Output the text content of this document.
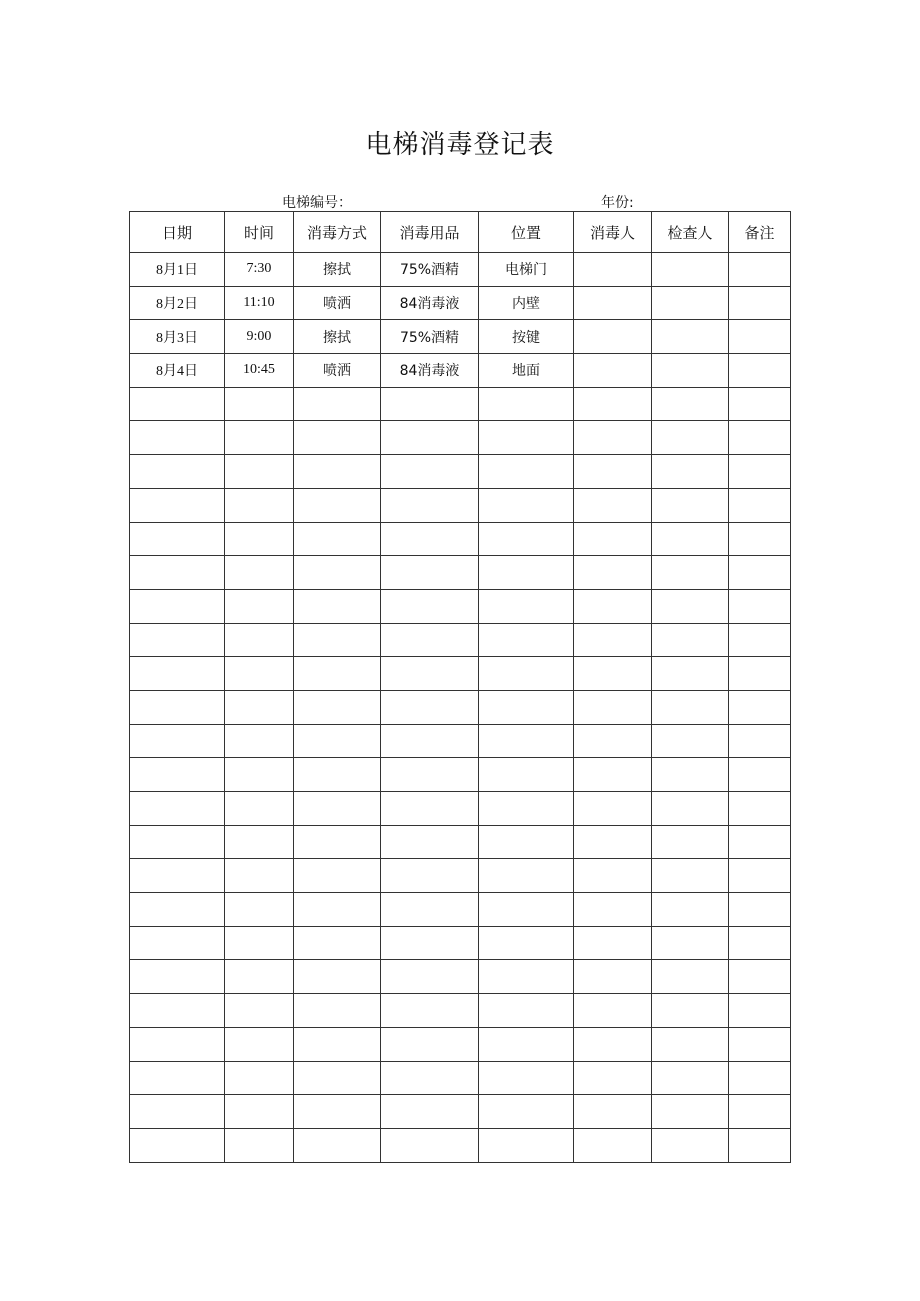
电梯消毒登记表
电梯编号：	年份:
日期	时间	消毒方式	消毒用品	位置	消毒人	检查人	备注
8月1日	7:30	擦拭	75%酒精	电梯门			
8月2日	11:10	喷洒	84消毒液	内壁			
8月3日	9:00	擦拭	75%酒精	按键			
8月4日	10:45	喷洒	84消毒液	地面			
